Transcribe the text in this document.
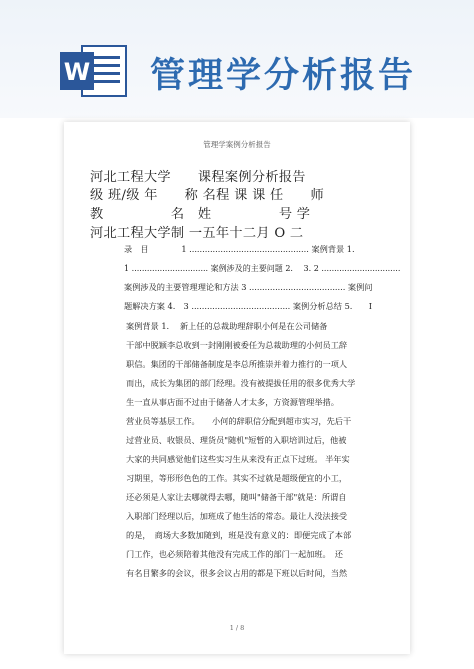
W 管理学分析报告
管理学案例分析报告
河北工程大学　　课程案例分析报告
级 班/级 年　　称 名程 课 课 任　　师
教　　　　　名　姓　　　　　号 学
河北工程大学制 一五年十二月 O 二
录　目　　　　1 .............................................. 案例背景 1.
1 .............................. 案例涉及的主要问题 2. 　3. 2 ...............................
案例涉及的主要管理理论和方法 3 ..................................... 案例问
题解决方案 4.　3 ...................................... 案例分析总结 5.　　I
案例背景 1. 　新上任的总裁助理辞职小何是在公司储备
干部中脱颖李总收到一封刚刚被委任为总裁助理的小何员工辞
职信。集团的干部储备制度是李总所推崇并着力推行的一项人
而出，成长为集团的部门经理。没有被提拔任用的很多优秀大学
生一直从事店面不过由于储备人才太多，方资源管理举措。
营业员等基层工作。　　小何的辞职信分配到超市实习，先后干
过营业员、收银员、理货员"随机"短暂的入职培训过后，他被
大家的共同感觉他们这些实习生从来没有正点下过班。 半年实
习期里，等形形色色的工作。其实不过就是超级便宜的小工，
还必须是人家让去哪就得去哪，随叫"储备干部"就是：所谓自
入职部门经理以后，加班成了他生活的常态。最让人没法接受
的是，　商场大多数加随到，班是没有意义的：即便完成了本部
门工作，也必须陪着其他没有完成工作的部门一起加班。　还
有名目繁多的会议，很多会议占用的都是下班以后时间，当然
1 / 8
